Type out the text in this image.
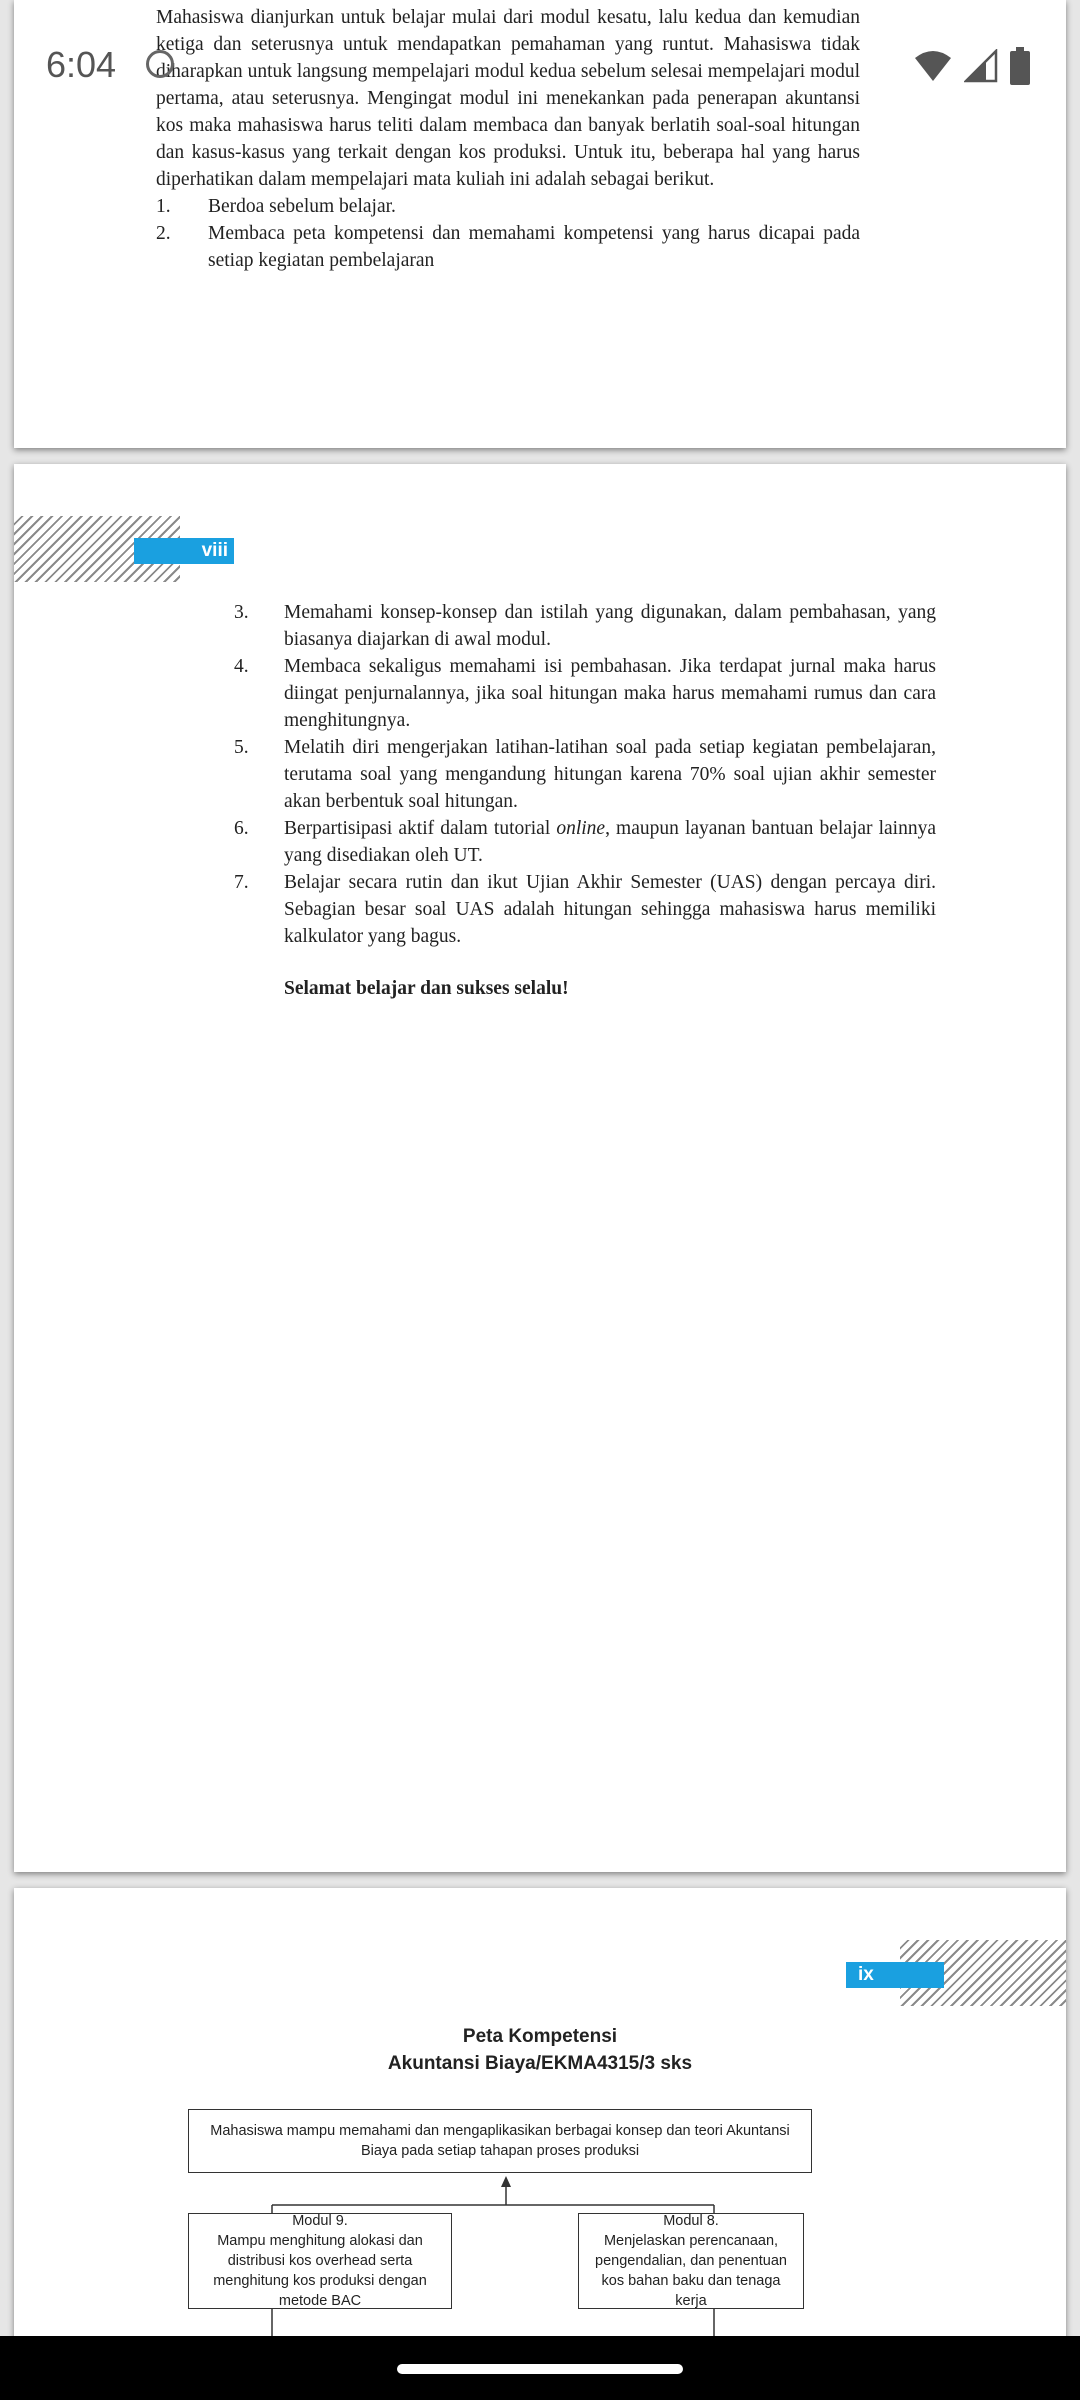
Mahasiswa dianjurkan untuk belajar mulai dari modul kesatu, lalu kedua dan kemudian ketiga dan seterusnya untuk mendapatkan pemahaman yang runtut. Mahasiswa tidak diharapkan untuk langsung mempelajari modul kedua sebelum selesai mempelajari modul pertama, atau seterusnya. Mengingat modul ini menekankan pada penerapan akuntansi kos maka mahasiswa harus teliti dalam membaca dan banyak berlatih soal-soal hitungan dan kasus-kasus yang terkait dengan kos produksi. Untuk itu, beberapa hal yang harus diperhatikan dalam mempelajari mata kuliah ini adalah sebagai berikut.

1. Berdoa sebelum belajar.
2. Membaca peta kompetensi dan memahami kompetensi yang harus dicapai pada setiap kegiatan pembelajaran
viii
3. Memahami konsep-konsep dan istilah yang digunakan, dalam pembahasan, yang biasanya diajarkan di awal modul.
4. Membaca sekaligus memahami isi pembahasan. Jika terdapat jurnal maka harus diingat penjurnalannya, jika soal hitungan maka harus memahami rumus dan cara menghitungnya.
5. Melatih diri mengerjakan latihan-latihan soal pada setiap kegiatan pembelajaran, terutama soal yang mengandung hitungan karena 70% soal ujian akhir semester akan berbentuk soal hitungan.
6. Berpartisipasi aktif dalam tutorial online, maupun layanan bantuan belajar lainnya yang disediakan oleh UT.
7. Belajar secara rutin dan ikut Ujian Akhir Semester (UAS) dengan percaya diri. Sebagian besar soal UAS adalah hitungan sehingga mahasiswa harus memiliki kalkulator yang bagus.

Selamat belajar dan sukses selalu!

ix
Peta Kompetensi
Akuntansi Biaya/EKMA4315/3 sks
Mahasiswa mampu memahami dan mengaplikasikan berbagai konsep dan teori Akuntansi Biaya pada setiap tahapan proses produksi
Modul 9.
Mampu menghitung alokasi dan distribusi kos overhead serta menghitung kos produksi dengan metode BAC
Modul 8.
Menjelaskan perencanaan, pengendalian, dan penentuan kos bahan baku dan tenaga kerja
6:04
